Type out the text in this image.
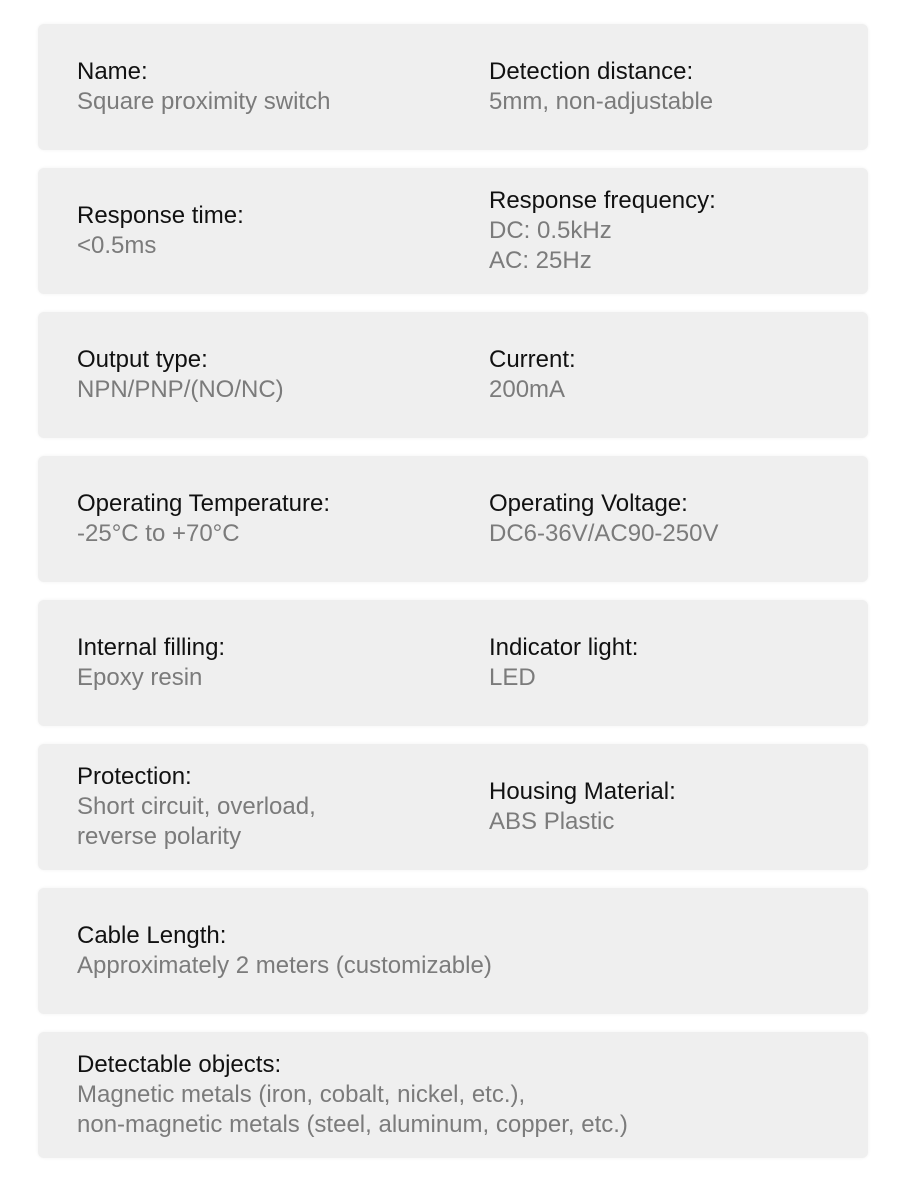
Name:
Square proximity switch
Detection distance:
5mm, non-adjustable
Response time:
<0.5ms
Response frequency:
DC: 0.5kHz
AC: 25Hz
Output type:
NPN/PNP/(NO/NC)
Current:
200mA
Operating Temperature:
-25°C to +70°C
Operating Voltage:
DC6-36V/AC90-250V
Internal filling:
Epoxy resin
Indicator light:
LED
Protection:
Short circuit, overload,
reverse polarity
Housing Material:
ABS Plastic
Cable Length:
Approximately 2 meters (customizable)
Detectable objects:
Magnetic metals (iron, cobalt, nickel, etc.),
non-magnetic metals (steel, aluminum, copper, etc.)
